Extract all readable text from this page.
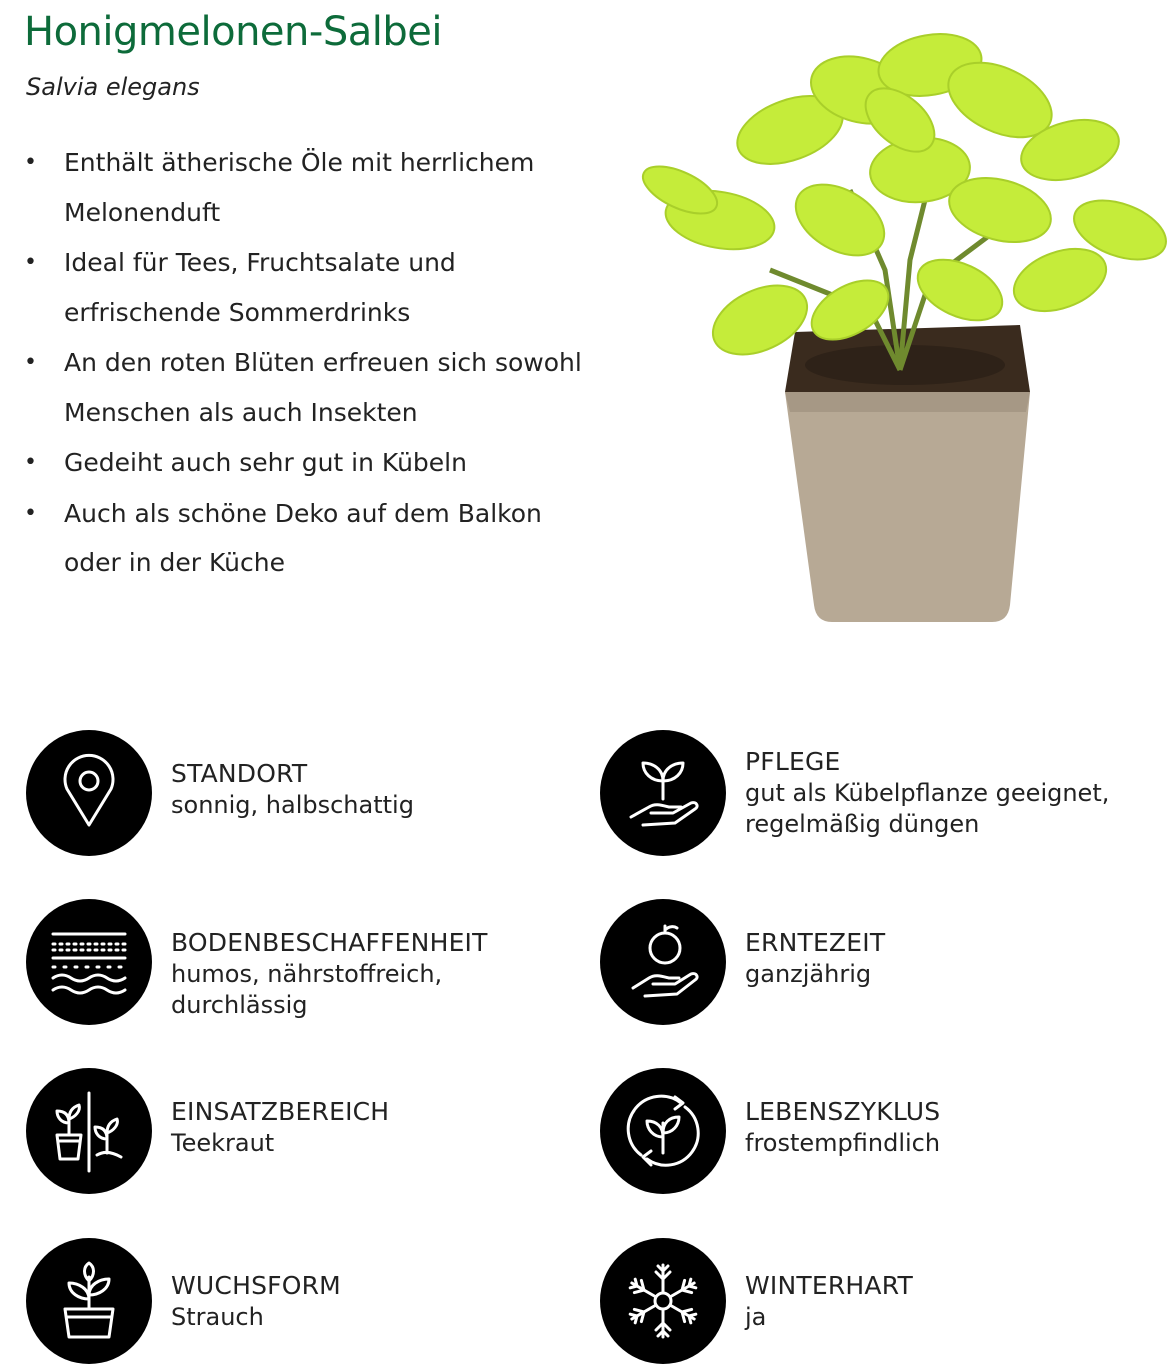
Honigmelonen-Salbei

Salvia elegans

• Enthält ätherische Öle mit herrlichem Melonenduft
• Ideal für Tees, Fruchtsalate und erfrischende Sommerdrinks
• An den roten Blüten erfreuen sich sowohl Menschen als auch Insekten
• Gedeiht auch sehr gut in Kübeln
• Auch als schöne Deko auf dem Balkon oder in der Küche
STANDORT
sonnig, halbschattig
PFLEGE
gut als Kübelpflanze geeignet,
regelmäßig düngen
BODENBESCHAFFENHEIT
humos, nährstoffreich, durchlässig
ERNTEZEIT
ganzjährig
EINSATZBEREICH
Teekraut
LEBENSZYKLUS
frostempfindlich
WUCHSFORM
Strauch
WINTERHART
ja
